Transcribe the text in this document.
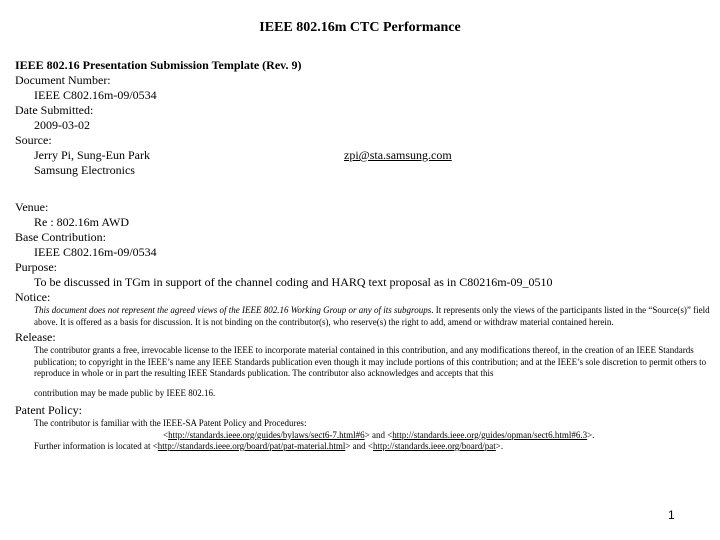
IEEE 802.16m CTC Performance
IEEE 802.16 Presentation Submission Template (Rev. 9)
Document Number:
IEEE C802.16m-09/0534
Date Submitted:
2009-03-02
Source:
Jerry Pi, Sung-Eun Park	zpi@sta.samsung.com
Samsung Electronics
Venue:
Re : 802.16m AWD
Base Contribution:
IEEE C802.16m-09/0534
Purpose:
To be discussed in TGm in support of the channel coding and HARQ text proposal as in C80216m-09_0510
Notice:
This document does not represent the agreed views of the IEEE 802.16 Working Group or any of its subgroups. It represents only the views of the participants listed in the “Source(s)” field above. It is offered as a basis for discussion. It is not binding on the contributor(s), who reserve(s) the right to add, amend or withdraw material contained herein.
Release:
The contributor grants a free, irrevocable license to the IEEE to incorporate material contained in this contribution, and any modifications thereof, in the creation of an IEEE Standards publication; to copyright in the IEEE’s name any IEEE Standards publication even though it may include portions of this contribution; and at the IEEE’s sole discretion to permit others to reproduce in whole or in part the resulting IEEE Standards publication. The contributor also acknowledges and accepts that this
contribution may be made public by IEEE 802.16.
Patent Policy:
The contributor is familiar with the IEEE-SA Patent Policy and Procedures:
<http://standards.ieee.org/guides/bylaws/sect6-7.html#6> and <http://standards.ieee.org/guides/opman/sect6.html#6.3>.
Further information is located at <http://standards.ieee.org/board/pat/pat-material.html> and <http://standards.ieee.org/board/pat>.
1
